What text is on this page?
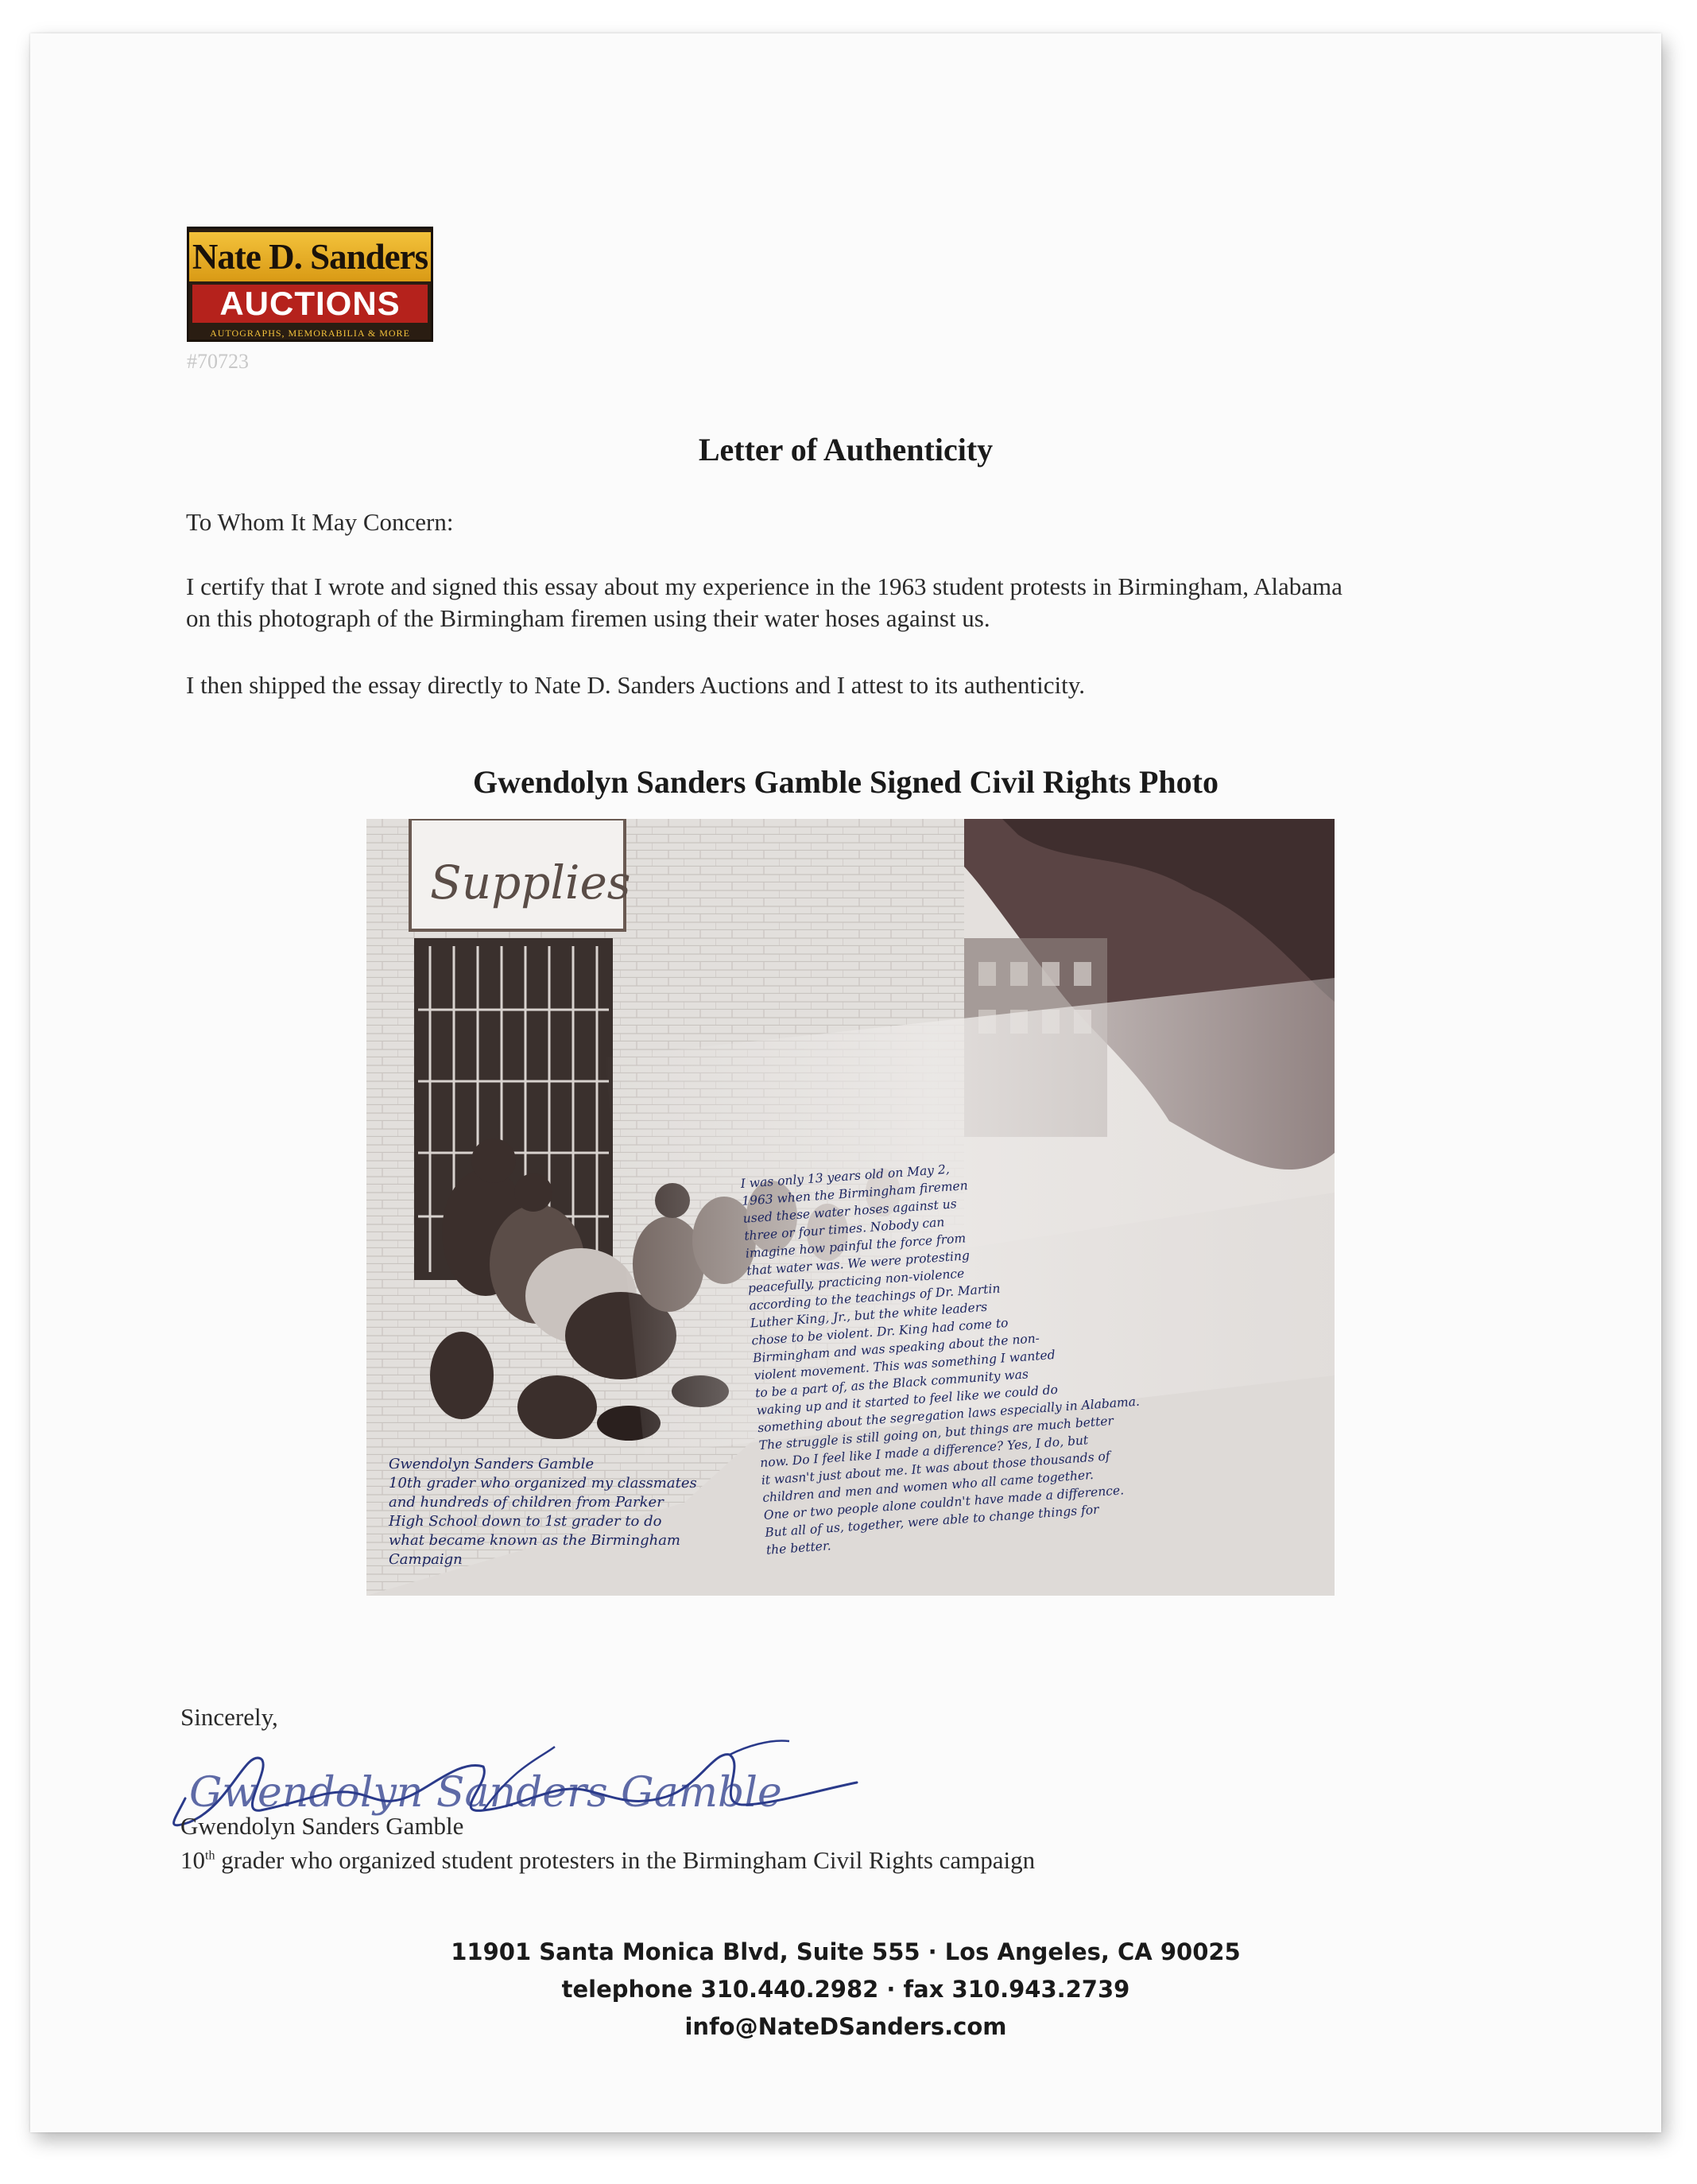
Nate D. Sanders
AUCTIONS
AUTOGRAPHS, MEMORABILIA & MORE
#70723
Letter of Authenticity
To Whom It May Concern:
I certify that I wrote and signed this essay about my experience in the 1963 student protests in Birmingham, Alabama
on this photograph of the Birmingham firemen using their water hoses against us.
I then shipped the essay directly to Nate D. Sanders Auctions and I attest to its authenticity.
Gwendolyn Sanders Gamble Signed Civil Rights Photo
Supplies
Gwendolyn Sanders Gamble
10th grader who organized my classmates
and hundreds of children from Parker
High School down to 1st grader to do
what became known as the Birmingham
Campaign
I was only 13 years old on May 2,
1963 when the Birmingham firemen
used these water hoses against us
three or four times. Nobody can
imagine how painful the force from
that water was. We were protesting
peacefully, practicing non-violence
according to the teachings of Dr. Martin
Luther King, Jr., but the white leaders
chose to be violent. Dr. King had come to
Birmingham and was speaking about the non-
violent movement. This was something I wanted
to be a part of, as the Black community was
waking up and it started to feel like we could do
something about the segregation laws especially in Alabama.
The struggle is still going on, but things are much better
now. Do I feel like I made a difference? Yes, I do, but
it wasn't just about me. It was about those thousands of
children and men and women who all came together.
One or two people alone couldn't have made a difference.
But all of us, together, were able to change things for
the better.
Sincerely,
Gwendolyn Sanders Gamble
Gwendolyn Sanders Gamble
10th grader who organized student protesters in the Birmingham Civil Rights campaign
11901 Santa Monica Blvd, Suite 555 · Los Angeles, CA 90025
telephone 310.440.2982 · fax 310.943.2739
info@NateDSanders.com
